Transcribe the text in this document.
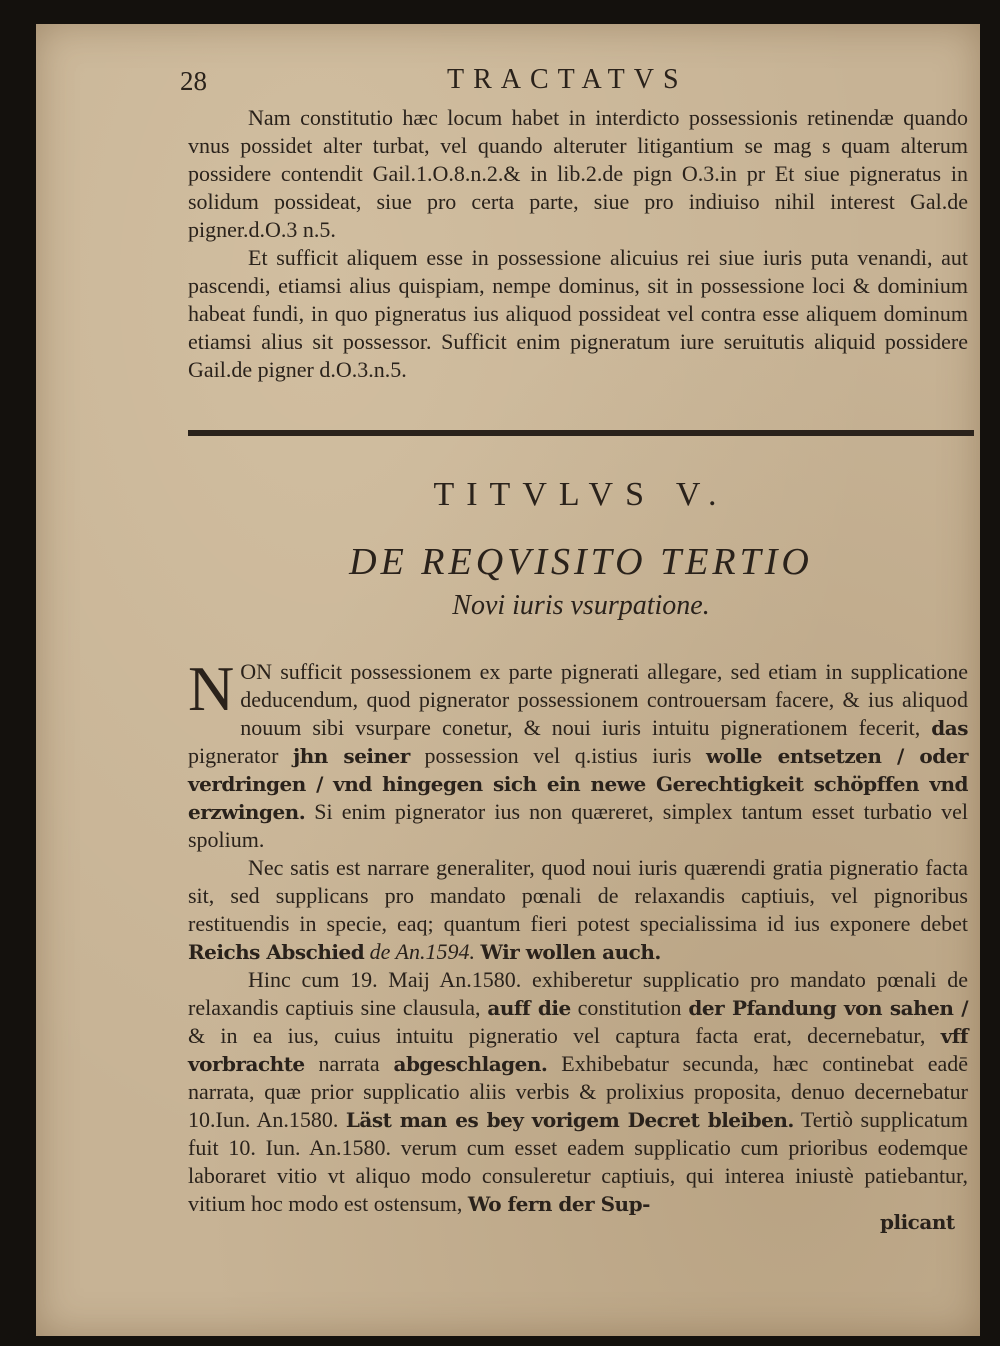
28	TRACTATVS

Nam constitutio hæc locum habet in interdicto possessionis retinendæ quando vnus possidet alter turbat, vel quando alteruter litigantium se mag s quam alterum possidere contendit Gail.1.O.8.n.2.& in lib.2.de pign O.3.in pr Et siue pigneratus in solidum possideat, siue pro certa parte, siue pro indiuiso nihil interest Gal.de pigner.d.O.3 n.5.

Et sufficit aliquem esse in possessione alicuius rei siue iuris puta venandi, aut pascendi, etiamsi alius quispiam, nempe dominus, sit in possessione loci & dominium habeat fundi, in quo pigneratus ius aliquod possideat vel contra esse aliquem dominum etiamsi alius sit possessor. Sufficit enim pigneratum iure seruitutis aliquid possidere Gail.de pigner d.O.3.n.5.

TITVLVS V.
DE REQVISITO TERTIO
Novi iuris vsurpatione.

N ON sufficit possessionem ex parte pignerati allegare, sed etiam in supplicatione deducendum, quod pignerator possessionem controuersam facere, & ius aliquod nouum sibi vsurpare conetur, & noui iuris intuitu pignerationem fecerit, das pignerator jhn seiner possession vel q.istius iuris wolle entsetzen / oder verdringen / vnd hingegen sich ein newe Gerechtigkeit schöpffen vnd erzwingen. Si enim pignerator ius non quæreret, simplex tantum esset turbatio vel spolium.

Nec satis est narrare generaliter, quod noui iuris quærendi gratia pigneratio facta sit, sed supplicans pro mandato pœnali de relaxandis captiuis, vel pignoribus restituendis in specie, eaq; quantum fieri potest specialissima id ius exponere debet Reichs Abschied de An.1594. Wir wollen auch.

Hinc cum 19. Maij An.1580. exhiberetur supplicatio pro mandato pœnali de relaxandis captiuis sine clausula, auff die constitution der Pfandung von sahen / & in ea ius, cuius intuitu pigneratio vel captura facta erat, decernebatur, vff vorbrachte narrata abgeschlagen. Exhibebatur secunda, hæc continebat eadē narrata, quæ prior supplicatio aliis verbis & prolixius proposita, denuo decernebatur 10.Iun. An.1580. Läst man es bey vorigem Decret bleiben. Tertiò supplicatum fuit 10. Iun. An.1580. verum cum esset eadem supplicatio cum prioribus eodemque laboraret vitio vt aliquo modo consuleretur captiuis, qui interea iniustè patiebantur, vitium hoc modo est ostensum, Wo fern der Sup-

plicant
